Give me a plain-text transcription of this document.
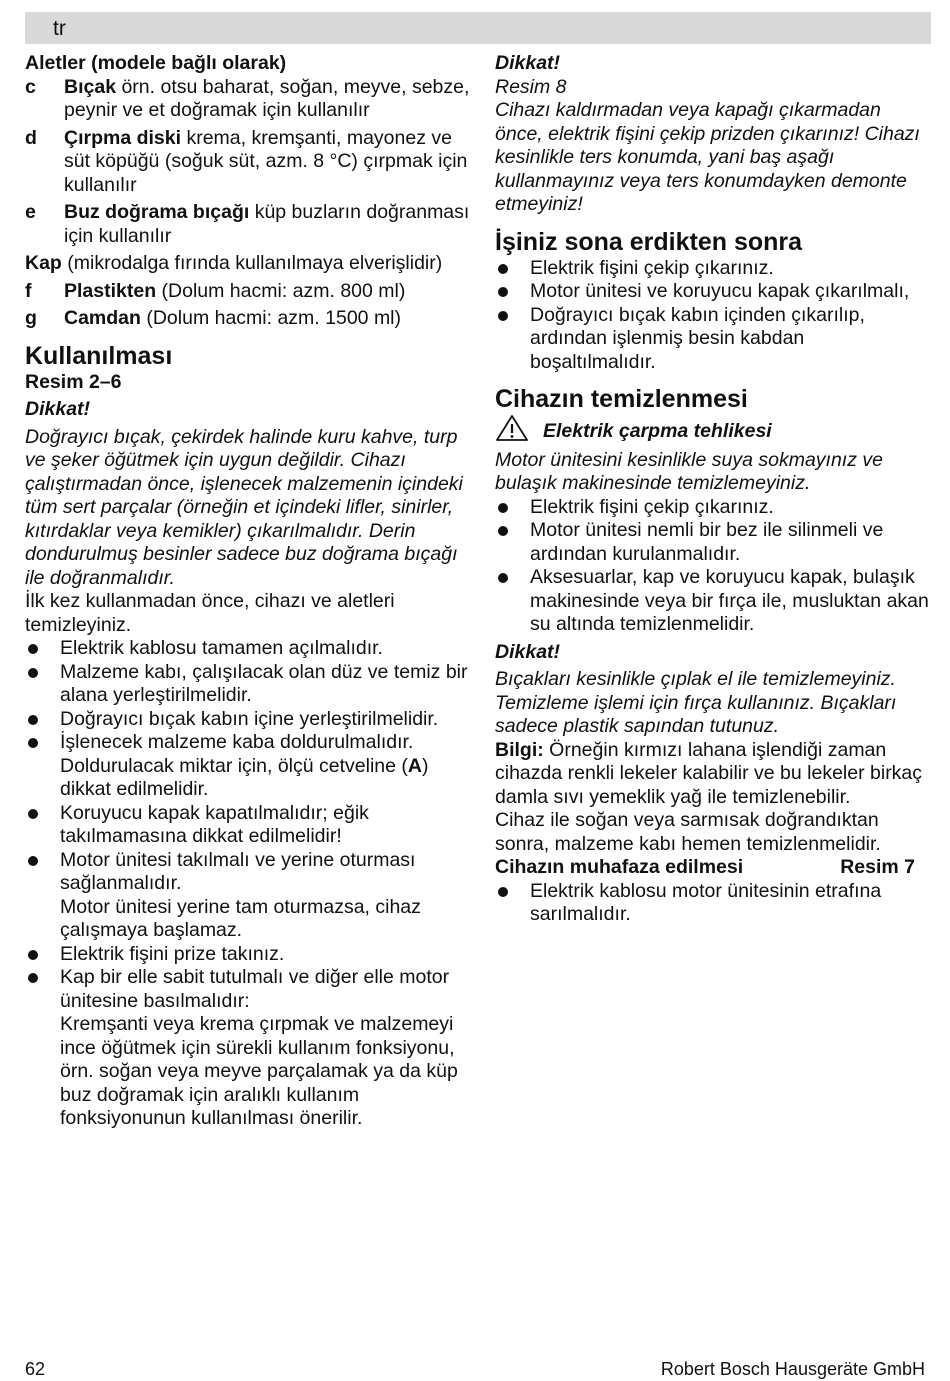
tr

Aletler (modele bağlı olarak)

c	Bıçak örn. otsu baharat, soğan, meyve, sebze, peynir ve et doğramak için kullanılır
d	Çırpma diski krema, kremşanti, mayonez ve süt köpüğü (soğuk süt, azm. 8 °C) çırpmak için kullanılır
e	Buz doğrama bıçağı küp buzların doğranması için kullanılır

Kap (mikrodalga fırında kullanılmaya elverişlidir)

f	Plastikten (Dolum hacmi: azm. 800 ml)
g	Camdan (Dolum hacmi: azm. 1500 ml)
Kullanılması

Resim 2–6

Dikkat!

Doğrayıcı bıçak, çekirdek halinde kuru kahve, turp ve şeker öğütmek için uygun değildir. Cihazı çalıştırmadan önce, işlenecek malzemenin içindeki tüm sert parçalar (örneğin et içindeki lifler, sinirler, kıtırdaklar veya kemikler) çıkarılmalıdır. Derin dondurulmuş besinler sadece buz doğrama bıçağı ile doğranmalıdır.

İlk kez kullanmadan önce, cihazı ve aletleri temizleyiniz.

Elektrik kablosu tamamen açılmalıdır.
Malzeme kabı, çalışılacak olan düz ve temiz bir alana yerleştirilmelidir.
Doğrayıcı bıçak kabın içine yerleştirilmelidir.
İşlenecek malzeme kaba doldurulmalıdır. Doldurulacak miktar için, ölçü cetveline (A) dikkat edilmelidir.
Koruyucu kapak kapatılmalıdır; eğik takılmamasına dikkat edilmelidir!
Motor ünitesi takılmalı ve yerine oturması sağlanmalıdır.
Motor ünitesi yerine tam oturmazsa, cihaz çalışmaya başlamaz.
Elektrik fişini prize takınız.
Kap bir elle sabit tutulmalı ve diğer elle motor ünitesine basılmalıdır:
Kremşanti veya krema çırpmak ve malzemeyi ince öğütmek için sürekli kullanım fonksiyonu, örn. soğan veya meyve parçalamak ya da küp buz doğramak için aralıklı kullanım fonksiyonunun kullanılması önerilir.

Dikkat!

Resim 8

Cihazı kaldırmadan veya kapağı çıkarmadan önce, elektrik fişini çekip prizden çıkarınız! Cihazı kesinlikle ters konumda, yani baş aşağı kullanmayınız veya ters konumdayken demonte etmeyiniz!

İşiniz sona erdikten sonra
Elektrik fişini çekip çıkarınız.
Motor ünitesi ve koruyucu kapak çıkarılmalı,
Doğrayıcı bıçak kabın içinden çıkarılıp, ardından işlenmiş besin kabdan boşaltılmalıdır.
Cihazın temizlenmesi
Elektrik çarpma tehlikesi

Motor ünitesini kesinlikle suya sokmayınız ve bulaşık makinesinde temizlemeyiniz.

Elektrik fişini çekip çıkarınız.
Motor ünitesi nemli bir bez ile silinmeli ve ardından kurulanmalıdır.
Aksesuarlar, kap ve koruyucu kapak, bulaşık makinesinde veya bir fırça ile, musluktan akan su altında temizlenmelidir.

Dikkat!

Bıçakları kesinlikle çıplak el ile temizlemeyiniz. Temizleme işlemi için fırça kullanınız. Bıçakları sadece plastik sapından tutunuz.

Bilgi: Örneğin kırmızı lahana işlendiği zaman cihazda renkli lekeler kalabilir ve bu lekeler birkaç damla sıvı yemeklik yağ ile temizlenebilir.

Cihaz ile soğan veya sarmısak doğrandıktan sonra, malzeme kabı hemen temizlenmelidir.

Cihazın muhafaza edilmesi	Resim 7
Elektrik kablosu motor ünitesinin etrafına sarılmalıdır.
62	Robert Bosch Hausgeräte GmbH
